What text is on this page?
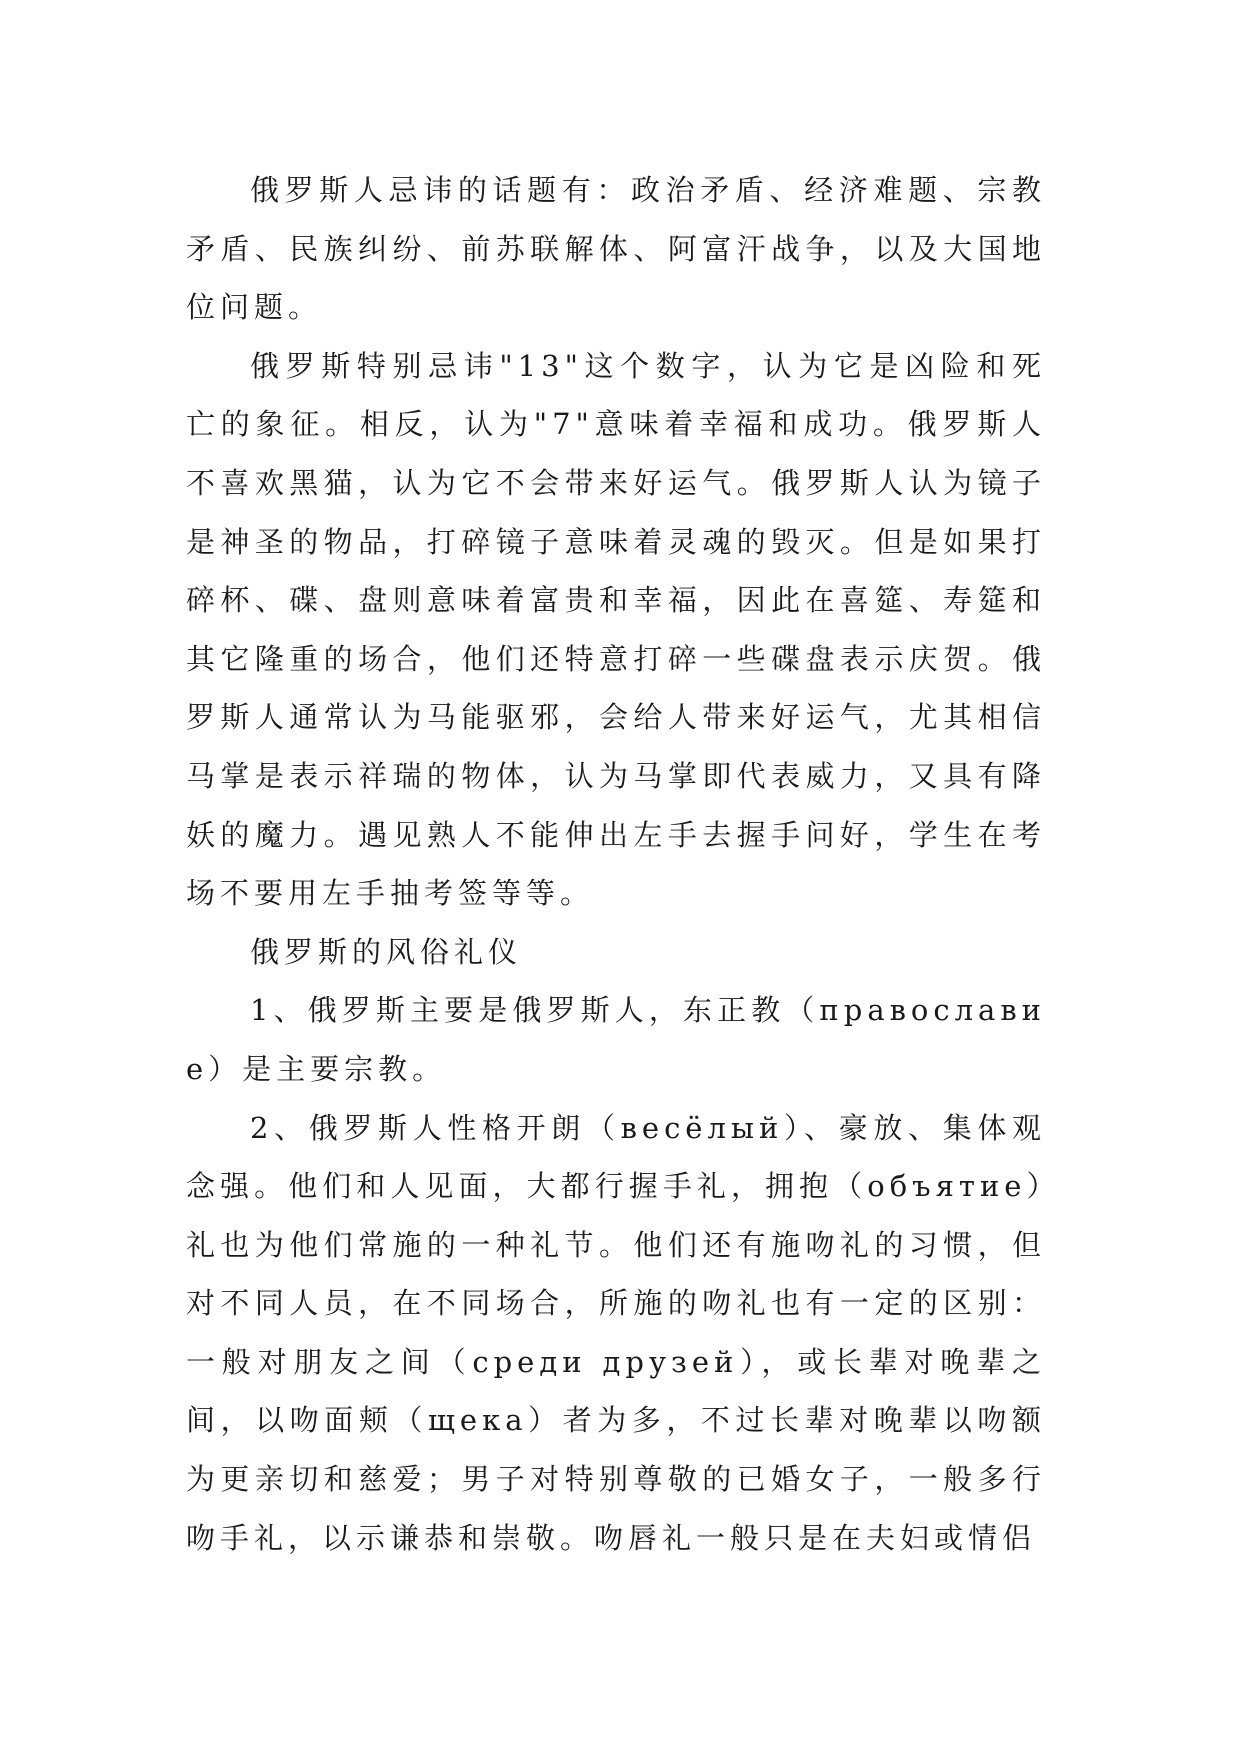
俄罗斯人忌讳的话题有：政治矛盾、经济难题、宗教矛盾、民族纠纷、前苏联解体、阿富汗战争，以及大国地位问题。

俄罗斯特别忌讳"13"这个数字，认为它是凶险和死亡的象征。相反，认为"7"意味着幸福和成功。俄罗斯人不喜欢黑猫，认为它不会带来好运气。俄罗斯人认为镜子是神圣的物品，打碎镜子意味着灵魂的毁灭。但是如果打碎杯、碟、盘则意味着富贵和幸福，因此在喜筵、寿筵和其它隆重的场合，他们还特意打碎一些碟盘表示庆贺。俄罗斯人通常认为马能驱邪，会给人带来好运气，尤其相信马掌是表示祥瑞的物体，认为马掌即代表威力，又具有降妖的魔力。遇见熟人不能伸出左手去握手问好，学生在考场不要用左手抽考签等等。

俄罗斯的风俗礼仪

1、俄罗斯主要是俄罗斯人，东正教（православие）是主要宗教。

2、俄罗斯人性格开朗（весёлый）、豪放、集体观念强。他们和人见面，大都行握手礼，拥抱（объятие）礼也为他们常施的一种礼节。他们还有施吻礼的习惯，但对不同人员，在不同场合，所施的吻礼也有一定的区别：一般对朋友之间（среди друзей），或长辈对晚辈之间，以吻面颊（щека）者为多，不过长辈对晚辈以吻额为更亲切和慈爱；男子对特别尊敬的已婚女子，一般多行吻手礼，以示谦恭和崇敬。吻唇礼一般只是在夫妇或情侣
